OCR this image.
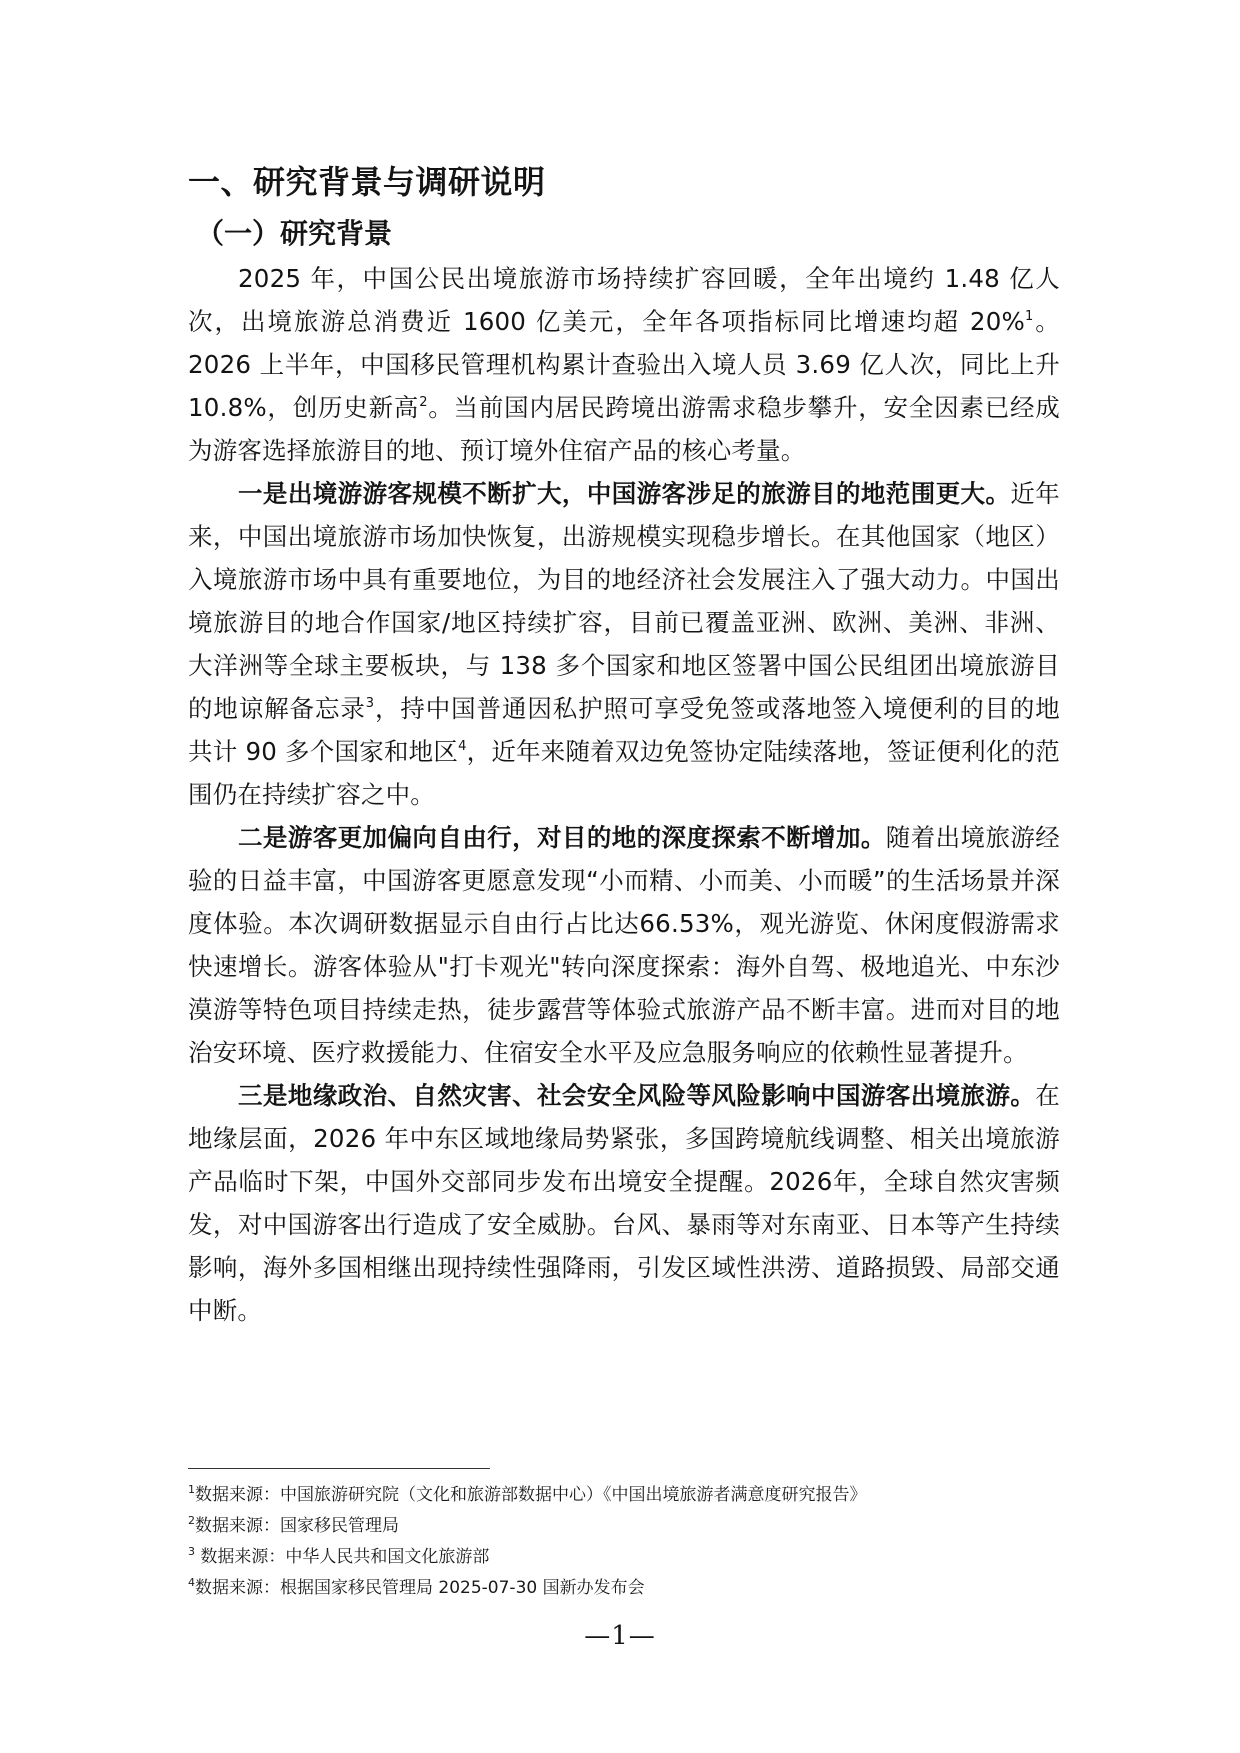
一、研究背景与调研说明
（一）研究背景

2025 年，中国公民出境旅游市场持续扩容回暖，全年出境约 1.48 亿人次，出境旅游总消费近 1600 亿美元，全年各项指标同比增速均超 20%$^1$。2026 上半年，中国移民管理机构累计查验出入境人员 3.69 亿人次，同比上升 10.8%，创历史新高$^2$。当前国内居民跨境出游需求稳步攀升，安全因素已经成为游客选择旅游目的地、预订境外住宿产品的核心考量。

一是出境游游客规模不断扩大，中国游客涉足的旅游目的地范围更大。近年来，中国出境旅游市场加快恢复，出游规模实现稳步增长。在其他国家（地区）入境旅游市场中具有重要地位，为目的地经济社会发展注入了强大动力。中国出境旅游目的地合作国家/地区持续扩容，目前已覆盖亚洲、欧洲、美洲、非洲、大洋洲等全球主要板块，与 138 多个国家和地区签署中国公民组团出境旅游目的地谅解备忘录$^3$，持中国普通因私护照可享受免签或落地签入境便利的目的地共计 90 多个国家和地区$^4$，近年来随着双边免签协定陆续落地，签证便利化的范围仍在持续扩容之中。

二是游客更加偏向自由行，对目的地的深度探索不断增加。随着出境旅游经验的日益丰富，中国游客更愿意发现“小而精、小而美、小而暖”的生活场景并深度体验。本次调研数据显示自由行占比达66.53%，观光游览、休闲度假游需求快速增长。游客体验从"打卡观光"转向深度探索：海外自驾、极地追光、中东沙漠游等特色项目持续走热，徒步露营等体验式旅游产品不断丰富。进而对目的地治安环境、医疗救援能力、住宿安全水平及应急服务响应的依赖性显著提升。

三是地缘政治、自然灾害、社会安全风险等风险影响中国游客出境旅游。在地缘层面，2026 年中东区域地缘局势紧张，多国跨境航线调整、相关出境旅游产品临时下架，中国外交部同步发布出境安全提醒。2026年，全球自然灾害频发，对中国游客出行造成了安全威胁。台风、暴雨等对东南亚、日本等产生持续影响，海外多国相继出现持续性强降雨，引发区域性洪涝、道路损毁、局部交通中断。

$^1$数据来源：中国旅游研究院（文化和旅游部数据中心）《中国出境旅游者满意度研究报告》
$^2$数据来源：国家移民管理局
$^3$ 数据来源：中华人民共和国文化旅游部
$^4$数据来源：根据国家移民管理局 2025-07-30 国新办发布会
—1—
